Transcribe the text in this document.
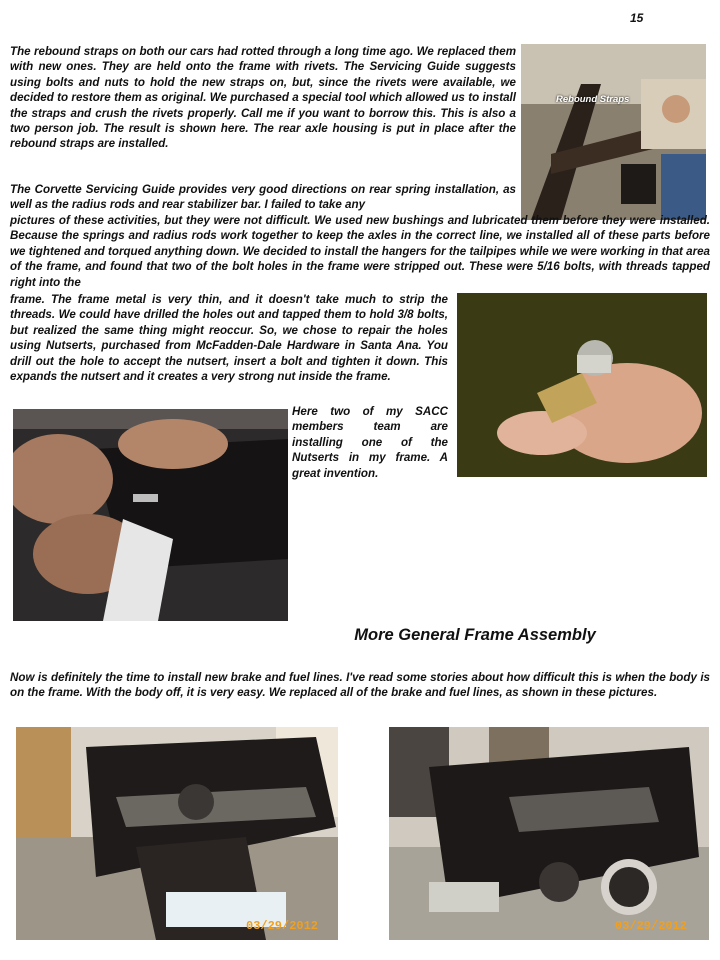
15

The rebound straps on both our cars had rotted through a long time ago. We replaced them with new ones. They are held onto the frame with rivets. The Servicing Guide suggests using bolts and nuts to hold the new straps on, but, since the rivets were available, we decided to restore them as original. We purchased a special tool which allowed us to install the straps and crush the rivets properly. Call me if you want to borrow this. This is also a two person job. The result is shown here. The rear axle housing is put in place after the rebound straps are installed.

Rebound Straps

The Corvette Servicing Guide provides very good directions on rear spring installation, as well as the radius rods and rear stabilizer bar. I failed to take any

pictures of these activities, but they were not difficult. We used new bushings and lubricated them before they were installed. Because the springs and radius rods work together to keep the axles in the correct line, we installed all of these parts before we tightened and torqued anything down. We decided to install the hangers for the tailpipes while we were working in that area of the frame, and found that two of the bolt holes in the frame were stripped out. These were 5/16 bolts, with threads tapped right into the

frame. The frame metal is very thin, and it doesn't take much to strip the threads. We could have drilled the holes out and tapped them to hold 3/8 bolts, but realized the same thing might reoccur. So, we chose to repair the holes using Nutserts, purchased from McFadden-Dale Hardware in Santa Ana. You drill out the hole to accept the nutsert, insert a bolt and tighten it down. This expands the nutsert and it creates a very strong nut inside the frame.

Here two of my SACC members team are installing one of the Nutserts in my frame. A great invention.

More General Frame Assembly

Now is definitely the time to install new brake and fuel lines. I've read some stories about how difficult this is when the body is on the frame. With the body off, it is very easy. We replaced all of the brake and fuel lines, as shown in these pictures.

03/29/2012	03/29/2012
